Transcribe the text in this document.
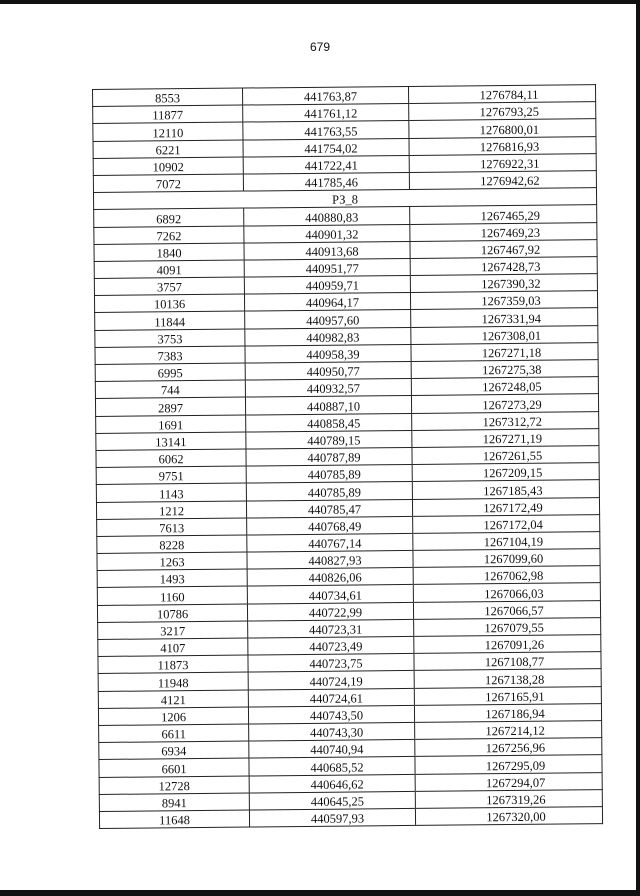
679
8553	441763,87	1276784,11
11877	441761,12	1276793,25
12110	441763,55	1276800,01
6221	441754,02	1276816,93
10902	441722,41	1276922,31
7072	441785,46	1276942,62
РЗ_8		
6892	440880,83	1267465,29
7262	440901,32	1267469,23
1840	440913,68	1267467,92
4091	440951,77	1267428,73
3757	440959,71	1267390,32
10136	440964,17	1267359,03
11844	440957,60	1267331,94
3753	440982,83	1267308,01
7383	440958,39	1267271,18
6995	440950,77	1267275,38
744	440932,57	1267248,05
2897	440887,10	1267273,29
1691	440858,45	1267312,72
13141	440789,15	1267271,19
6062	440787,89	1267261,55
9751	440785,89	1267209,15
1143	440785,89	1267185,43
1212	440785,47	1267172,49
7613	440768,49	1267172,04
8228	440767,14	1267104,19
1263	440827,93	1267099,60
1493	440826,06	1267062,98
1160	440734,61	1267066,03
10786	440722,99	1267066,57
3217	440723,31	1267079,55
4107	440723,49	1267091,26
11873	440723,75	1267108,77
11948	440724,19	1267138,28
4121	440724,61	1267165,91
1206	440743,50	1267186,94
6611	440743,30	1267214,12
6934	440740,94	1267256,96
6601	440685,52	1267295,09
12728	440646,62	1267294,07
8941	440645,25	1267319,26
11648	440597,93	1267320,00
